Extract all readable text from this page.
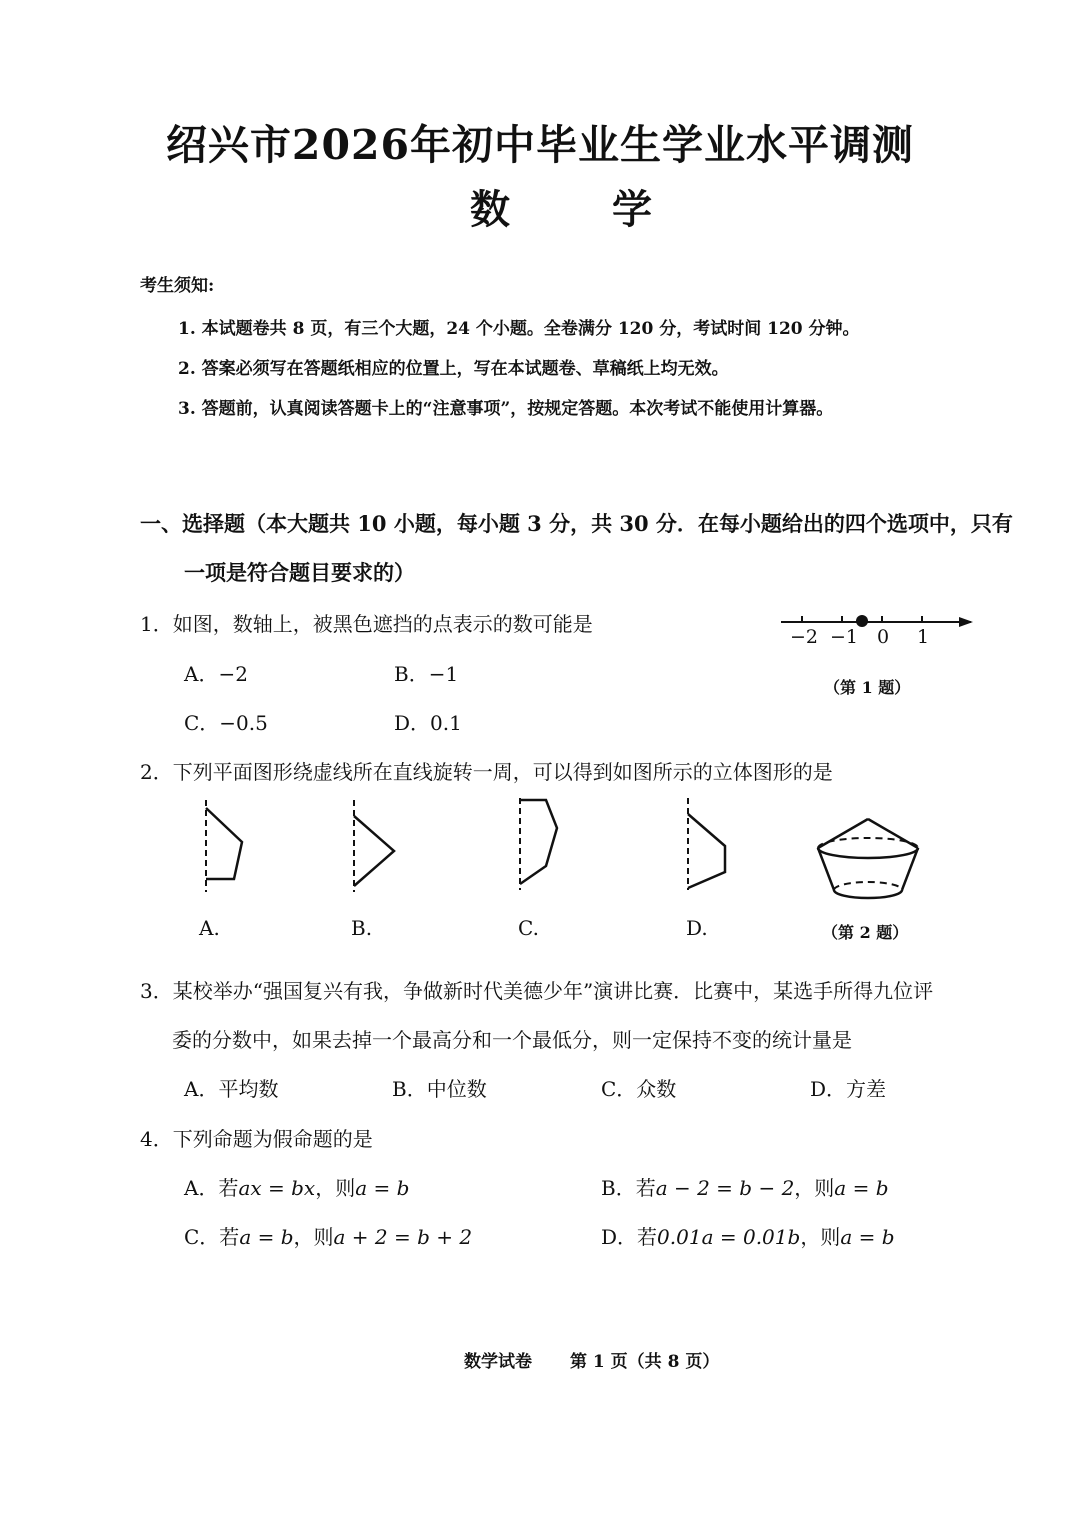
绍兴市2026年初中毕业生学业水平调测
数	学
考生须知:
1. 本试题卷共 8 页，有三个大题，24 个小题。全卷满分 120 分，考试时间 120 分钟。
2. 答案必须写在答题纸相应的位置上，写在本试题卷、草稿纸上均无效。
3. 答题前，认真阅读答题卡上的“注意事项”，按规定答题。本次考试不能使用计算器。
一、选择题（本大题共 10 小题，每小题 3 分，共 30 分．在每小题给出的四个选项中，只有
一项是符合题目要求的）
1．如图，数轴上，被黑色遮挡的点表示的数可能是
A．−2	B．−1
C．−0.5	D．0.1
−2 −1 0 1
（第 1 题）
2．下列平面图形绕虚线所在直线旋转一周，可以得到如图所示的立体图形的是
A.	B.	C.	D.	（第 2 题）
3．某校举办“强国复兴有我，争做新时代美德少年”演讲比赛．比赛中，某选手所得九位评
委的分数中，如果去掉一个最高分和一个最低分，则一定保持不变的统计量是
A．平均数	B．中位数	C．众数	D．方差
4．下列命题为假命题的是
A．若ax = bx，则a = b	B．若a − 2 = b − 2，则a = b
C．若a = b，则a + 2 = b + 2	D．若0.01a = 0.01b，则a = b
数学试卷 第 1 页（共 8 页）
